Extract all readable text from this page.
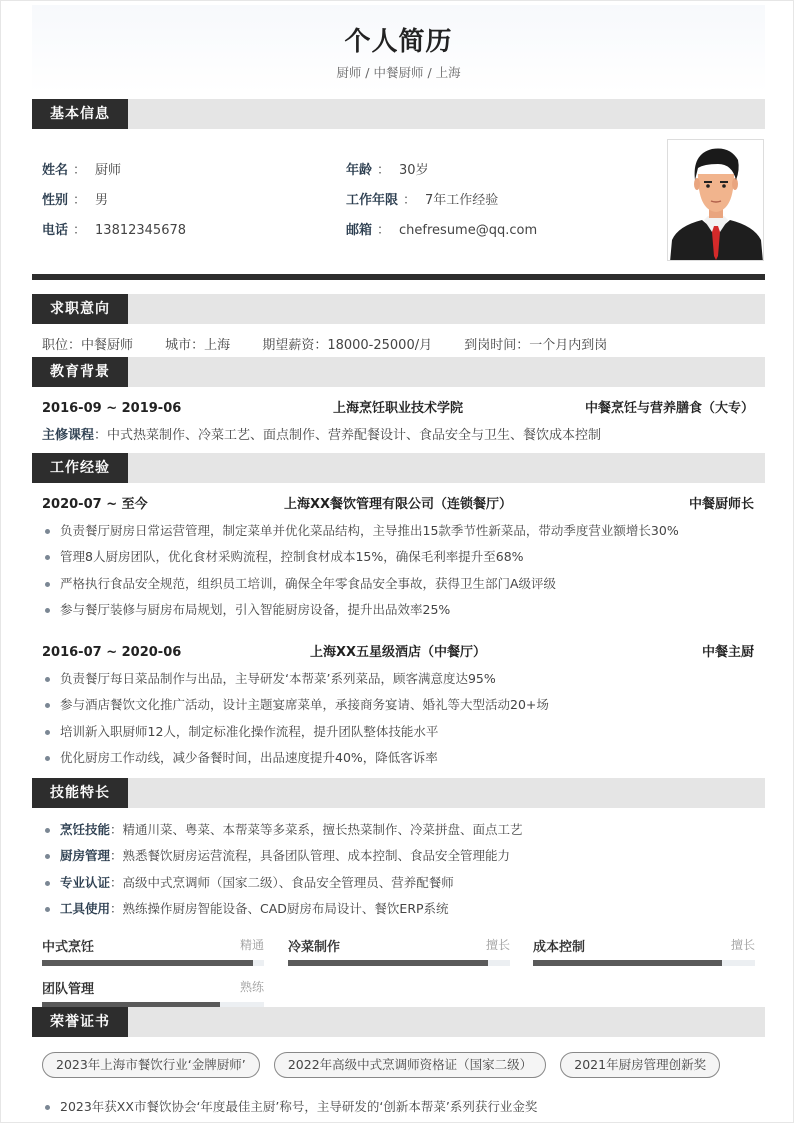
个人简历
厨师 / 中餐厨师 / 上海
基本信息
姓名 ： 厨师
性别 ： 男
电话 ： 13812345678
年龄 ： 30岁
工作年限 ： 7年工作经验
邮箱 ： chefresume@qq.com
求职意向
职位：中餐厨师 城市：上海 期望薪资：18000-25000/月 到岗时间：一个月内到岗
教育背景
2016-09 ~ 2019-06	上海烹饪职业技术学院	中餐烹饪与营养膳食（大专）
主修课程：中式热菜制作、冷菜工艺、面点制作、营养配餐设计、食品安全与卫生、餐饮成本控制
工作经验
2020-07 ~ 至今	上海XX餐饮管理有限公司（连锁餐厅）	中餐厨师长
负责餐厅厨房日常运营管理，制定菜单并优化菜品结构，主导推出15款季节性新菜品，带动季度营业额增长30%
管理8人厨房团队，优化食材采购流程，控制食材成本15%，确保毛利率提升至68%
严格执行食品安全规范，组织员工培训，确保全年零食品安全事故，获得卫生部门A级评级
参与餐厅装修与厨房布局规划，引入智能厨房设备，提升出品效率25%
2016-07 ~ 2020-06	上海XX五星级酒店（中餐厅）	中餐主厨
负责餐厅每日菜品制作与出品，主导研发‘本帮菜’系列菜品，顾客满意度达95%
参与酒店餐饮文化推广活动，设计主题宴席菜单，承接商务宴请、婚礼等大型活动20+场
培训新入职厨师12人，制定标准化操作流程，提升团队整体技能水平
优化厨房工作动线，减少备餐时间，出品速度提升40%，降低客诉率
技能特长
烹饪技能：精通川菜、粤菜、本帮菜等多菜系，擅长热菜制作、冷菜拼盘、面点工艺
厨房管理：熟悉餐饮厨房运营流程，具备团队管理、成本控制、食品安全管理能力
专业认证：高级中式烹调师（国家二级）、食品安全管理员、营养配餐师
工具使用：熟练操作厨房智能设备、CAD厨房布局设计、餐饮ERP系统
中式烹饪	精通 冷菜制作	擅长 成本控制	擅长
团队管理	熟练
荣誉证书
2023年上海市餐饮行业‘金牌厨师’	2022年高级中式烹调师资格证（国家二级）	2021年厨房管理创新奖
2023年获XX市餐饮协会‘年度最佳主厨’称号，主导研发的‘创新本帮菜’系列获行业金奖
